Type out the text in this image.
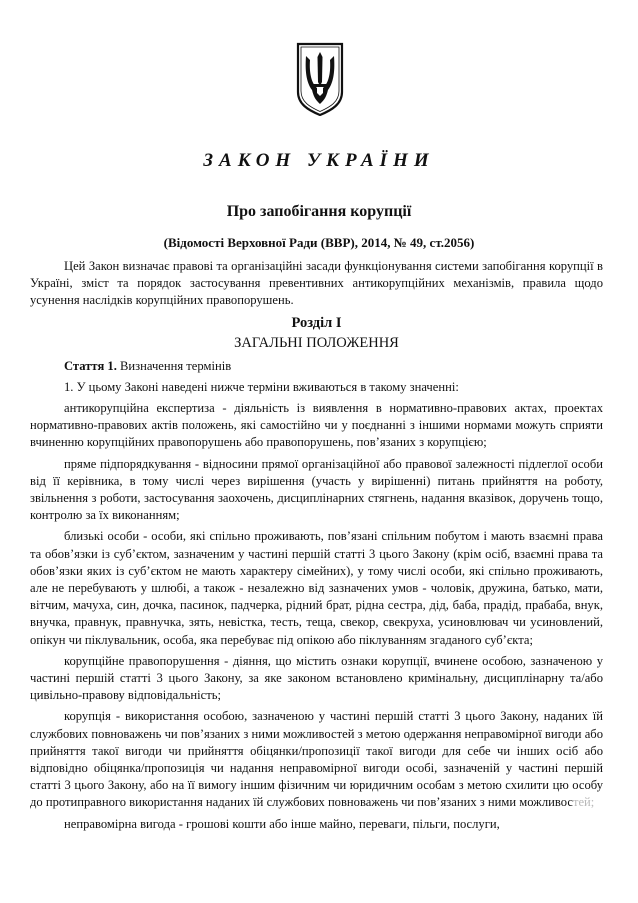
ЗАКОН УКРАЇНИ
Про запобігання корупції
(Відомості Верховної Ради (ВВР), 2014, № 49, ст.2056)

Цей Закон визначає правові та організаційні засади функціонування системи запобігання корупції в Україні, зміст та порядок застосування превентивних антикорупційних механізмів, правила щодо усунення наслідків корупційних правопорушень.

Розділ I
ЗАГАЛЬНІ ПОЛОЖЕННЯ

Стаття 1. Визначення термінів

1. У цьому Законі наведені нижче терміни вживаються в такому значенні:

антикорупційна експертиза - діяльність із виявлення в нормативно-правових актах, проектах нормативно-правових актів положень, які самостійно чи у поєднанні з іншими нормами можуть сприяти вчиненню корупційних правопорушень або правопорушень, пов’язаних з корупцією;

пряме підпорядкування - відносини прямої організаційної або правової залежності підлеглої особи від її керівника, в тому числі через вирішення (участь у вирішенні) питань прийняття на роботу, звільнення з роботи, застосування заохочень, дисциплінарних стягнень, надання вказівок, доручень тощо, контролю за їх виконанням;

близькі особи - особи, які спільно проживають, пов’язані спільним побутом і мають взаємні права та обов’язки із суб’єктом, зазначеним у частині першій статті 3 цього Закону (крім осіб, взаємні права та обов’язки яких із суб’єктом не мають характеру сімейних), у тому числі особи, які спільно проживають, але не перебувають у шлюбі, а також - незалежно від зазначених умов - чоловік, дружина, батько, мати, вітчим, мачуха, син, дочка, пасинок, падчерка, рідний брат, рідна сестра, дід, баба, прадід, прабаба, внук, внучка, правнук, правнучка, зять, невістка, тесть, теща, свекор, свекруха, усиновлювач чи усиновлений, опікун чи піклувальник, особа, яка перебуває під опікою або піклуванням згаданого суб’єкта;

корупційне правопорушення - діяння, що містить ознаки корупції, вчинене особою, зазначеною у частині першій статті 3 цього Закону, за яке законом встановлено кримінальну, дисциплінарну та/або цивільно-правову відповідальність;

корупція - використання особою, зазначеною у частині першій статті 3 цього Закону, наданих їй службових повноважень чи пов’язаних з ними можливостей з метою одержання неправомірної вигоди або прийняття такої вигоди чи прийняття обіцянки/пропозиції такої вигоди для себе чи інших осіб або відповідно обіцянка/пропозиція чи надання неправомірної вигоди особі, зазначеній у частині першій статті 3 цього Закону, або на її вимогу іншим фізичним чи юридичним особам з метою схилити цю особу до протиправного використання наданих їй службових повноважень чи пов’язаних з ними можливостей;

неправомірна вигода - грошові кошти або інше майно, переваги, пільги, послуги,
